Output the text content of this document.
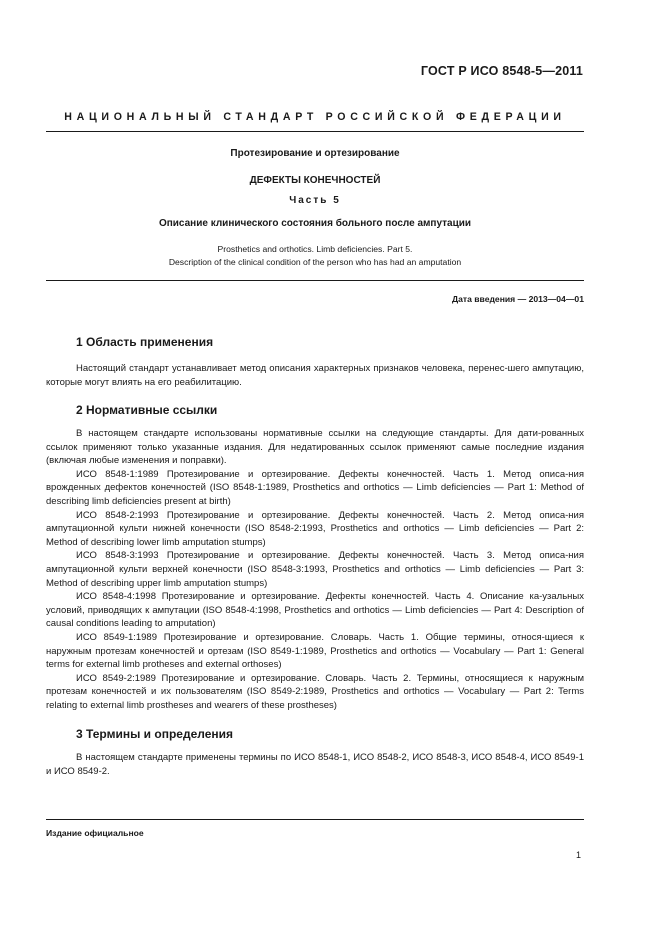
ГОСТ Р ИСО 8548-5—2011
НАЦИОНАЛЬНЫЙ СТАНДАРТ РОССИЙСКОЙ ФЕДЕРАЦИИ
Протезирование и ортезирование
ДЕФЕКТЫ КОНЕЧНОСТЕЙ
Часть 5
Описание клинического состояния больного после ампутации
Prosthetics and orthotics. Limb deficiencies. Part 5.
Description of the clinical condition of the person who has had an amputation
Дата введения — 2013—04—01
1 Область применения

Настоящий стандарт устанавливает метод описания характерных признаков человека, перенес-шего ампутацию, которые могут влиять на его реабилитацию.

2 Нормативные ссылки

В настоящем стандарте использованы нормативные ссылки на следующие стандарты. Для дати-рованных ссылок применяют только указанные издания. Для недатированных ссылок применяют самые последние издания (включая любые изменения и поправки).

ИСО 8548-1:1989 Протезирование и ортезирование. Дефекты конечностей. Часть 1. Метод описа-ния врожденных дефектов конечностей (ISO 8548-1:1989, Prosthetics and orthotics — Limb deficiencies — Part 1: Method of describing limb deficiencies present at birth)

ИСО 8548-2:1993 Протезирование и ортезирование. Дефекты конечностей. Часть 2. Метод описа-ния ампутационной культи нижней конечности (ISO 8548-2:1993, Prosthetics and orthotics — Limb deficiencies — Part 2: Method of describing lower limb amputation stumps)

ИСО 8548-3:1993 Протезирование и ортезирование. Дефекты конечностей. Часть 3. Метод описа-ния ампутационной культи верхней конечности (ISO 8548-3:1993, Prosthetics and orthotics — Limb deficiencies — Part 3: Method of describing upper limb amputation stumps)

ИСО 8548-4:1998 Протезирование и ортезирование. Дефекты конечностей. Часть 4. Описание ка-узальных условий, приводящих к ампутации (ISO 8548-4:1998, Prosthetics and orthotics — Limb deficiencies — Part 4: Description of causal conditions leading to amputation)

ИСО 8549-1:1989 Протезирование и ортезирование. Словарь. Часть 1. Общие термины, относя-щиеся к наружным протезам конечностей и ортезам (ISO 8549-1:1989, Prosthetics and orthotics — Vocabulary — Part 1: General terms for external limb protheses and external orthoses)

ИСО 8549-2:1989 Протезирование и ортезирование. Словарь. Часть 2. Термины, относящиеся к наружным протезам конечностей и их пользователям (ISO 8549-2:1989, Prosthetics and orthotics — Vocabulary — Part 2: Terms relating to external limb prostheses and wearers of these prostheses)

3 Термины и определения

В настоящем стандарте применены термины по ИСО 8548-1, ИСО 8548-2, ИСО 8548-3, ИСО 8548-4, ИСО 8549-1 и ИСО 8549-2.

Издание официальное
1
